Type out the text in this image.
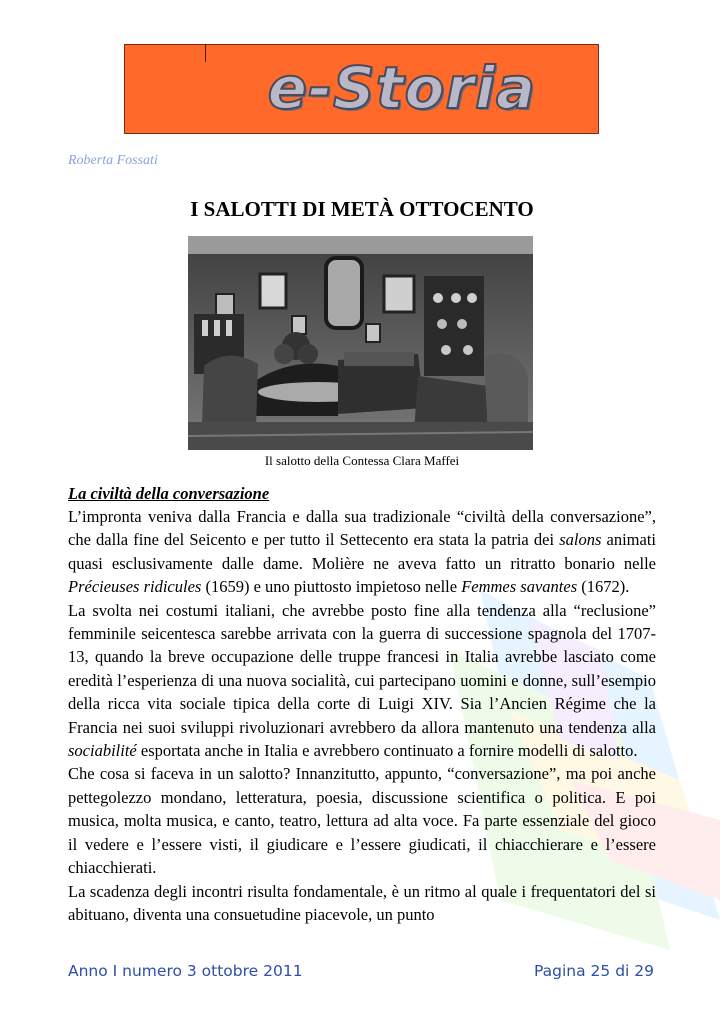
e-Storia
Roberta Fossati
I SALOTTI DI METÀ OTTOCENTO
Il salotto della Contessa Clara Maffei
La civiltà della conversazione

L’impronta veniva dalla Francia e dalla sua tradizionale “civiltà della conversazione”, che dalla fine del Seicento e per tutto il Settecento era stata la patria dei salons animati quasi esclusivamente dalle dame. Molière ne aveva fatto un ritratto bonario nelle Précieuses ridicules (1659) e uno piuttosto impietoso nelle Femmes savantes (1672).

La svolta nei costumi italiani, che avrebbe posto fine alla tendenza alla “reclusione” femminile seicentesca sarebbe arrivata con la guerra di successione spagnola del 1707-13, quando la breve occupazione delle truppe francesi in Italia avrebbe lasciato come eredità l’esperienza di una nuova socialità, cui partecipano uomini e donne, sull’esempio della ricca vita sociale tipica della corte di Luigi XIV. Sia l’Ancien Régime che la Francia nei suoi sviluppi rivoluzionari avrebbero da allora mantenuto una tendenza alla sociabilité esportata anche in Italia e avrebbero continuato a fornire modelli di salotto.

Che cosa si faceva in un salotto? Innanzitutto, appunto, “conversazione”, ma poi anche pettegolezzo mondano, letteratura, poesia, discussione scientifica o politica. E poi musica, molta musica, e canto, teatro, lettura ad alta voce. Fa parte essenziale del gioco il vedere e l’essere visti, il giudicare e l’essere giudicati, il chiacchierare e l’essere chiacchierati.

La scadenza degli incontri risulta fondamentale, è un ritmo al quale i frequentatori del si abituano, diventa una consuetudine piacevole, un punto

Anno I numero 3 ottobre 2011	Pagina 25 di 29
